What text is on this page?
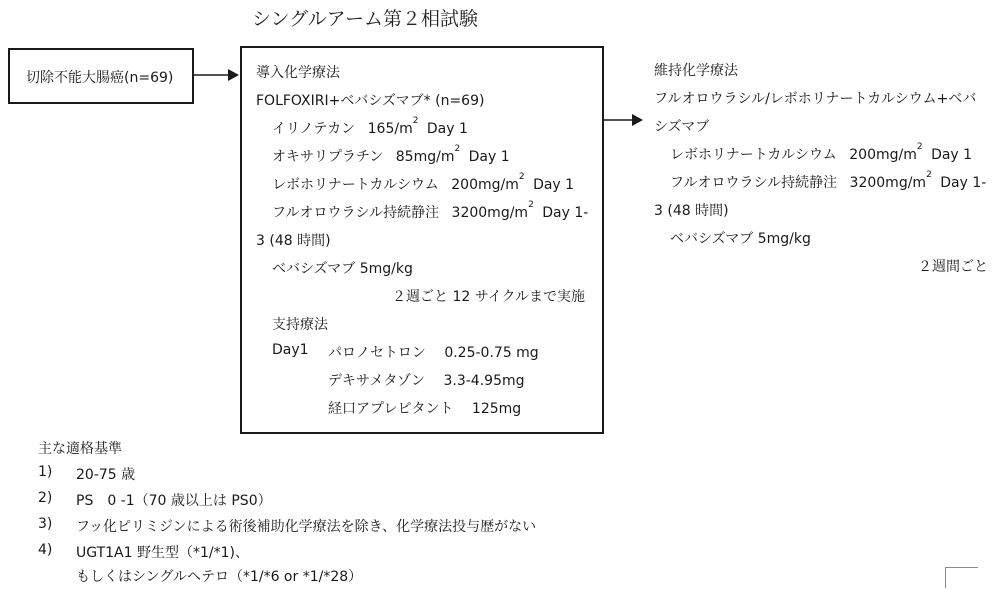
シングルアーム第２相試験
切除不能大腸癌(n=69)	導入化学療法
FOLFOXIRI+ベバシズマブ* (n=69)
イリノテカン $165/m^2$ Day 1
オキサリプラチン $85mg/m^2$ Day 1
レボホリナートカルシウム $200mg/m^2$ Day 1
フルオロウラシル持続静注 $3200mg/m^2$ Day 1-
3 (48 時間)
ベバシズマブ 5mg/kg
２週ごと 12 サイクルまで実施
支持療法
Day1 パロノセトロン 0.25-0.75 mg
デキサメタゾン 3.3-4.95mg
経口アプレピタント 125mg
維持化学療法
フルオロウラシル/レボホリナートカルシウム+ベバ
シズマブ
レボホリナートカルシウム $200mg/m^2$ Day 1
フルオロウラシル持続静注 $3200mg/m^2$ Day 1-
3 (48 時間)
ベバシズマブ 5mg/kg
２週間ごと
主な適格基準
1) 20-75 歳
2) PS　0 -1（70 歳以上は PS0）
3) フッ化ピリミジンによる術後補助化学療法を除き、化学療法投与歴がない
4) UGT1A1 野生型（*1/*1)、
もしくはシングルヘテロ（*1/*6 or *1/*28）
